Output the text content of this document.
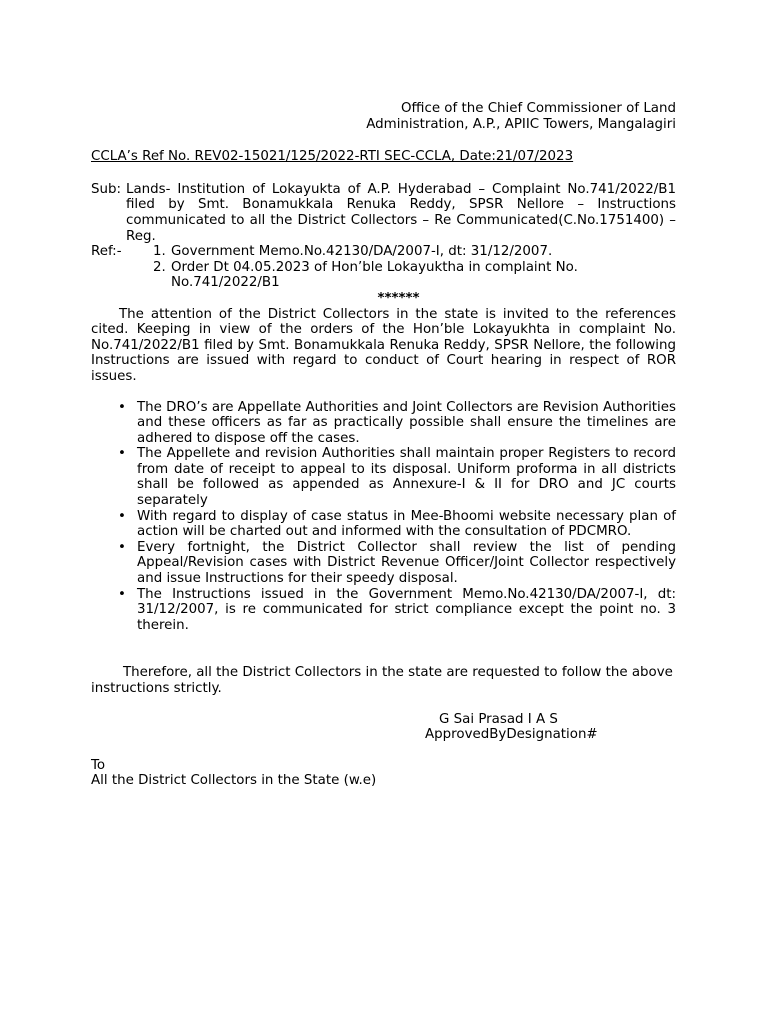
Office of the Chief Commissioner of Land
Administration, A.P., APIIC Towers, Mangalagiri
CCLA’s Ref No. REV02-15021/125/2022-RTI SEC-CCLA, Date:21/07/2023
Sub: Lands- Institution of Lokayukta of A.P. Hyderabad – Complaint No.741/2022/B1 filed by Smt. Bonamukkala Renuka Reddy, SPSR Nellore – Instructions communicated to all the District Collectors – Re Communicated(C.No.1751400) – Reg.
Ref:-	1. Government Memo.No.42130/DA/2007-I, dt: 31/12/2007.
2. Order Dt 04.05.2023 of Hon’ble Lokayuktha in complaint No. No.741/2022/B1
******
The attention of the District Collectors in the state is invited to the references cited. Keeping in view of the orders of the Hon’ble Lokayukhta in complaint No. No.741/2022/B1 filed by Smt. Bonamukkala Renuka Reddy, SPSR Nellore, the following Instructions are issued with regard to conduct of Court hearing in respect of ROR issues.
• The DRO’s are Appellate Authorities and Joint Collectors are Revision Authorities and these officers as far as practically possible shall ensure the timelines are adhered to dispose off the cases.
• The Appellete and revision Authorities shall maintain proper Registers to record from date of receipt to appeal to its disposal. Uniform proforma in all districts shall be followed as appended as Annexure-I & II for DRO and JC courts separately
• With regard to display of case status in Mee-Bhoomi website necessary plan of action will be charted out and informed with the consultation of PDCMRO.
• Every fortnight, the District Collector shall review the list of pending Appeal/Revision cases with District Revenue Officer/Joint Collector respectively and issue Instructions for their speedy disposal.
• The Instructions issued in the Government Memo.No.42130/DA/2007-I, dt: 31/12/2007, is re communicated for strict compliance except the point no. 3 therein.
Therefore, all the District Collectors in the state are requested to follow the above instructions strictly.
G Sai Prasad I A S
ApprovedByDesignation#
To
All the District Collectors in the State (w.e)
